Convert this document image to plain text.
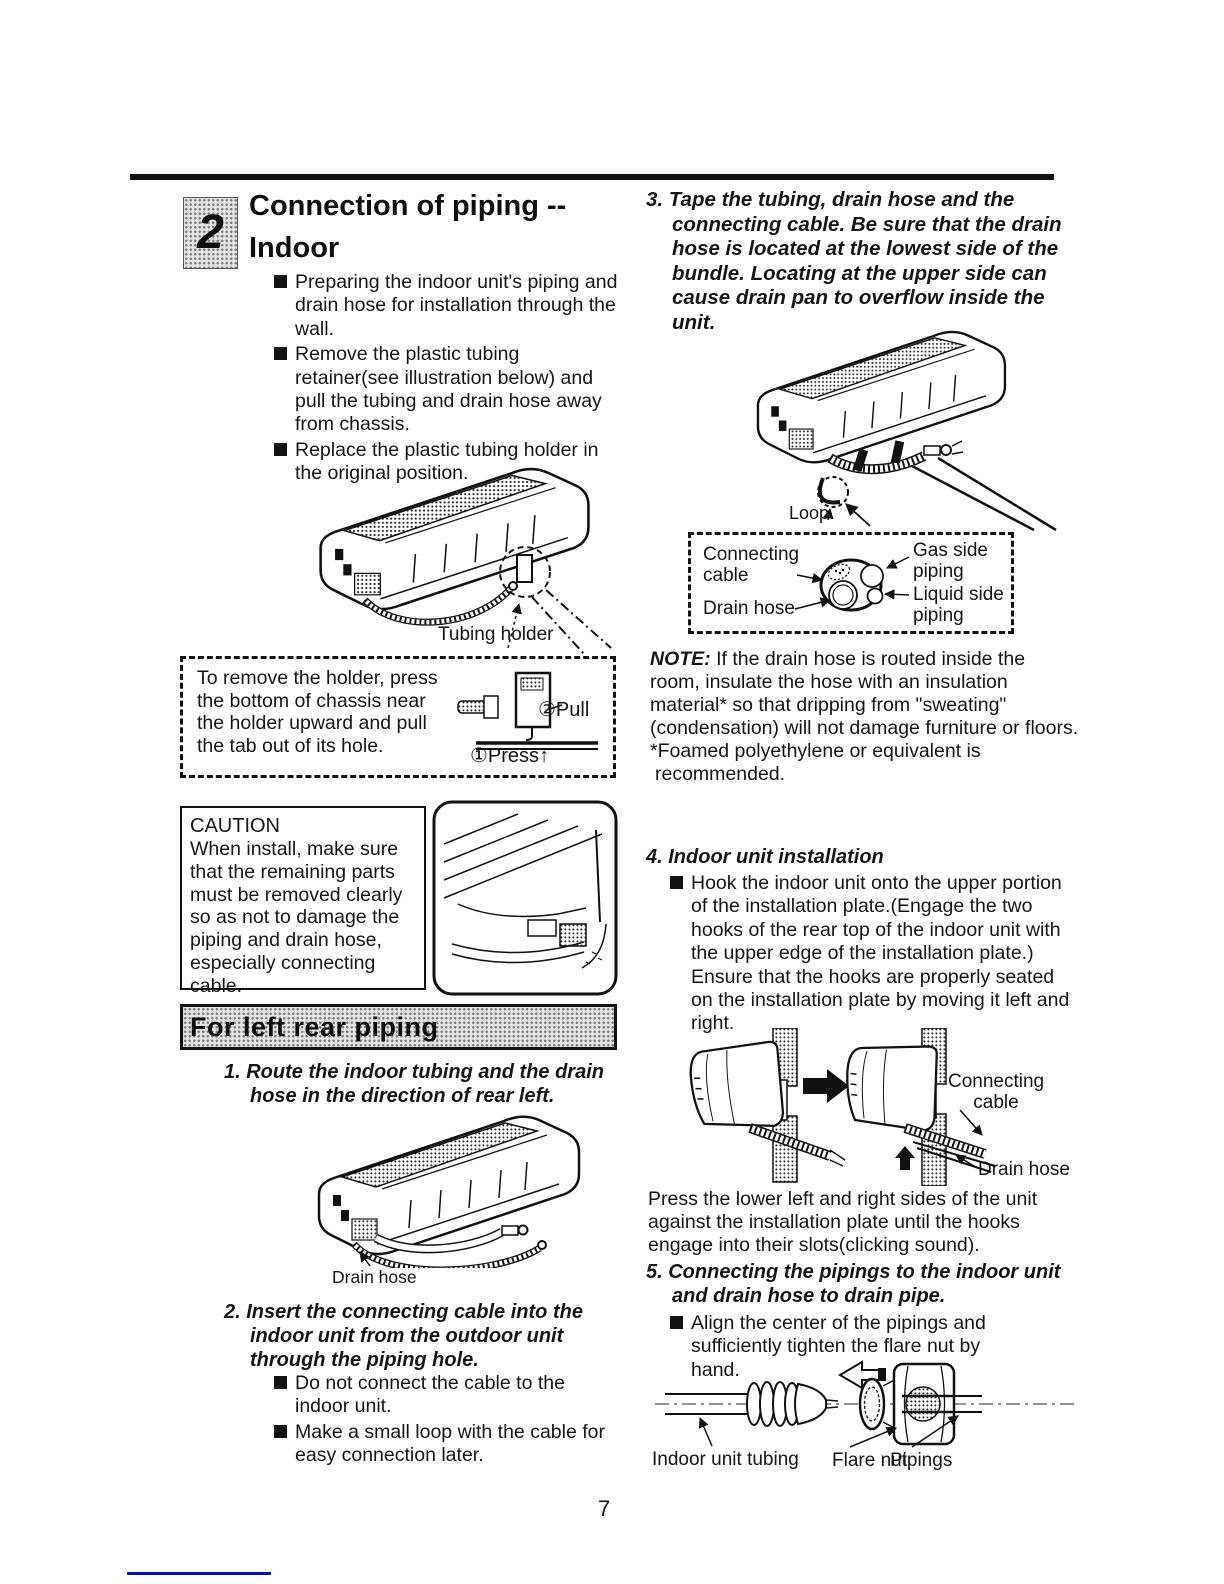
2 Connection of piping --
Indoor
Preparing the indoor unit's piping and drain hose for installation through the wall.
Remove the plastic tubing retainer(see illustration below) and pull the tubing and drain hose away from chassis.
Replace the plastic tubing holder in the original position.
Tubing holder
To remove the holder, press the bottom of chassis near the holder upward and pull the tab out of its hole.
②Pull
①Press↑
CAUTION
When install, make sure that the remaining parts must be removed clearly so as not to damage the piping and drain hose, especially connecting cable.
For left rear piping
1. Route the indoor tubing and the drain hose in the direction of rear left.
Drain hose
2. Insert the connecting cable into the indoor unit from the outdoor unit through the piping hole.
Do not connect the cable to the indoor unit.
Make a small loop with the cable for easy connection later.
3. Tape the tubing, drain hose and the connecting cable. Be sure that the drain hose is located at the lowest side of the bundle. Locating at the upper side can cause drain pan to overflow inside the unit.
Loop
Connecting cable
Drain hose
Gas side piping
Liquid side piping
NOTE: If the drain hose is routed inside the room, insulate the hose with an insulation material* so that dripping from "sweating"(condensation) will not damage furniture or floors.
*Foamed polyethylene or equivalent is recommended.
4. Indoor unit installation
Hook the indoor unit onto the upper portion of the installation plate.(Engage the two hooks of the rear top of the indoor unit with the upper edge of the installation plate.) Ensure that the hooks are properly seated on the installation plate by moving it left and right.
Connecting cable
Drain hose
Press the lower left and right sides of the unit against the installation plate until the hooks engage into their slots(clicking sound).
5. Connecting the pipings to the indoor unit and drain hose to drain pipe.
Align the center of the pipings and sufficiently tighten the flare nut by hand.
Indoor unit tubing Flare nut
Pipings
7
